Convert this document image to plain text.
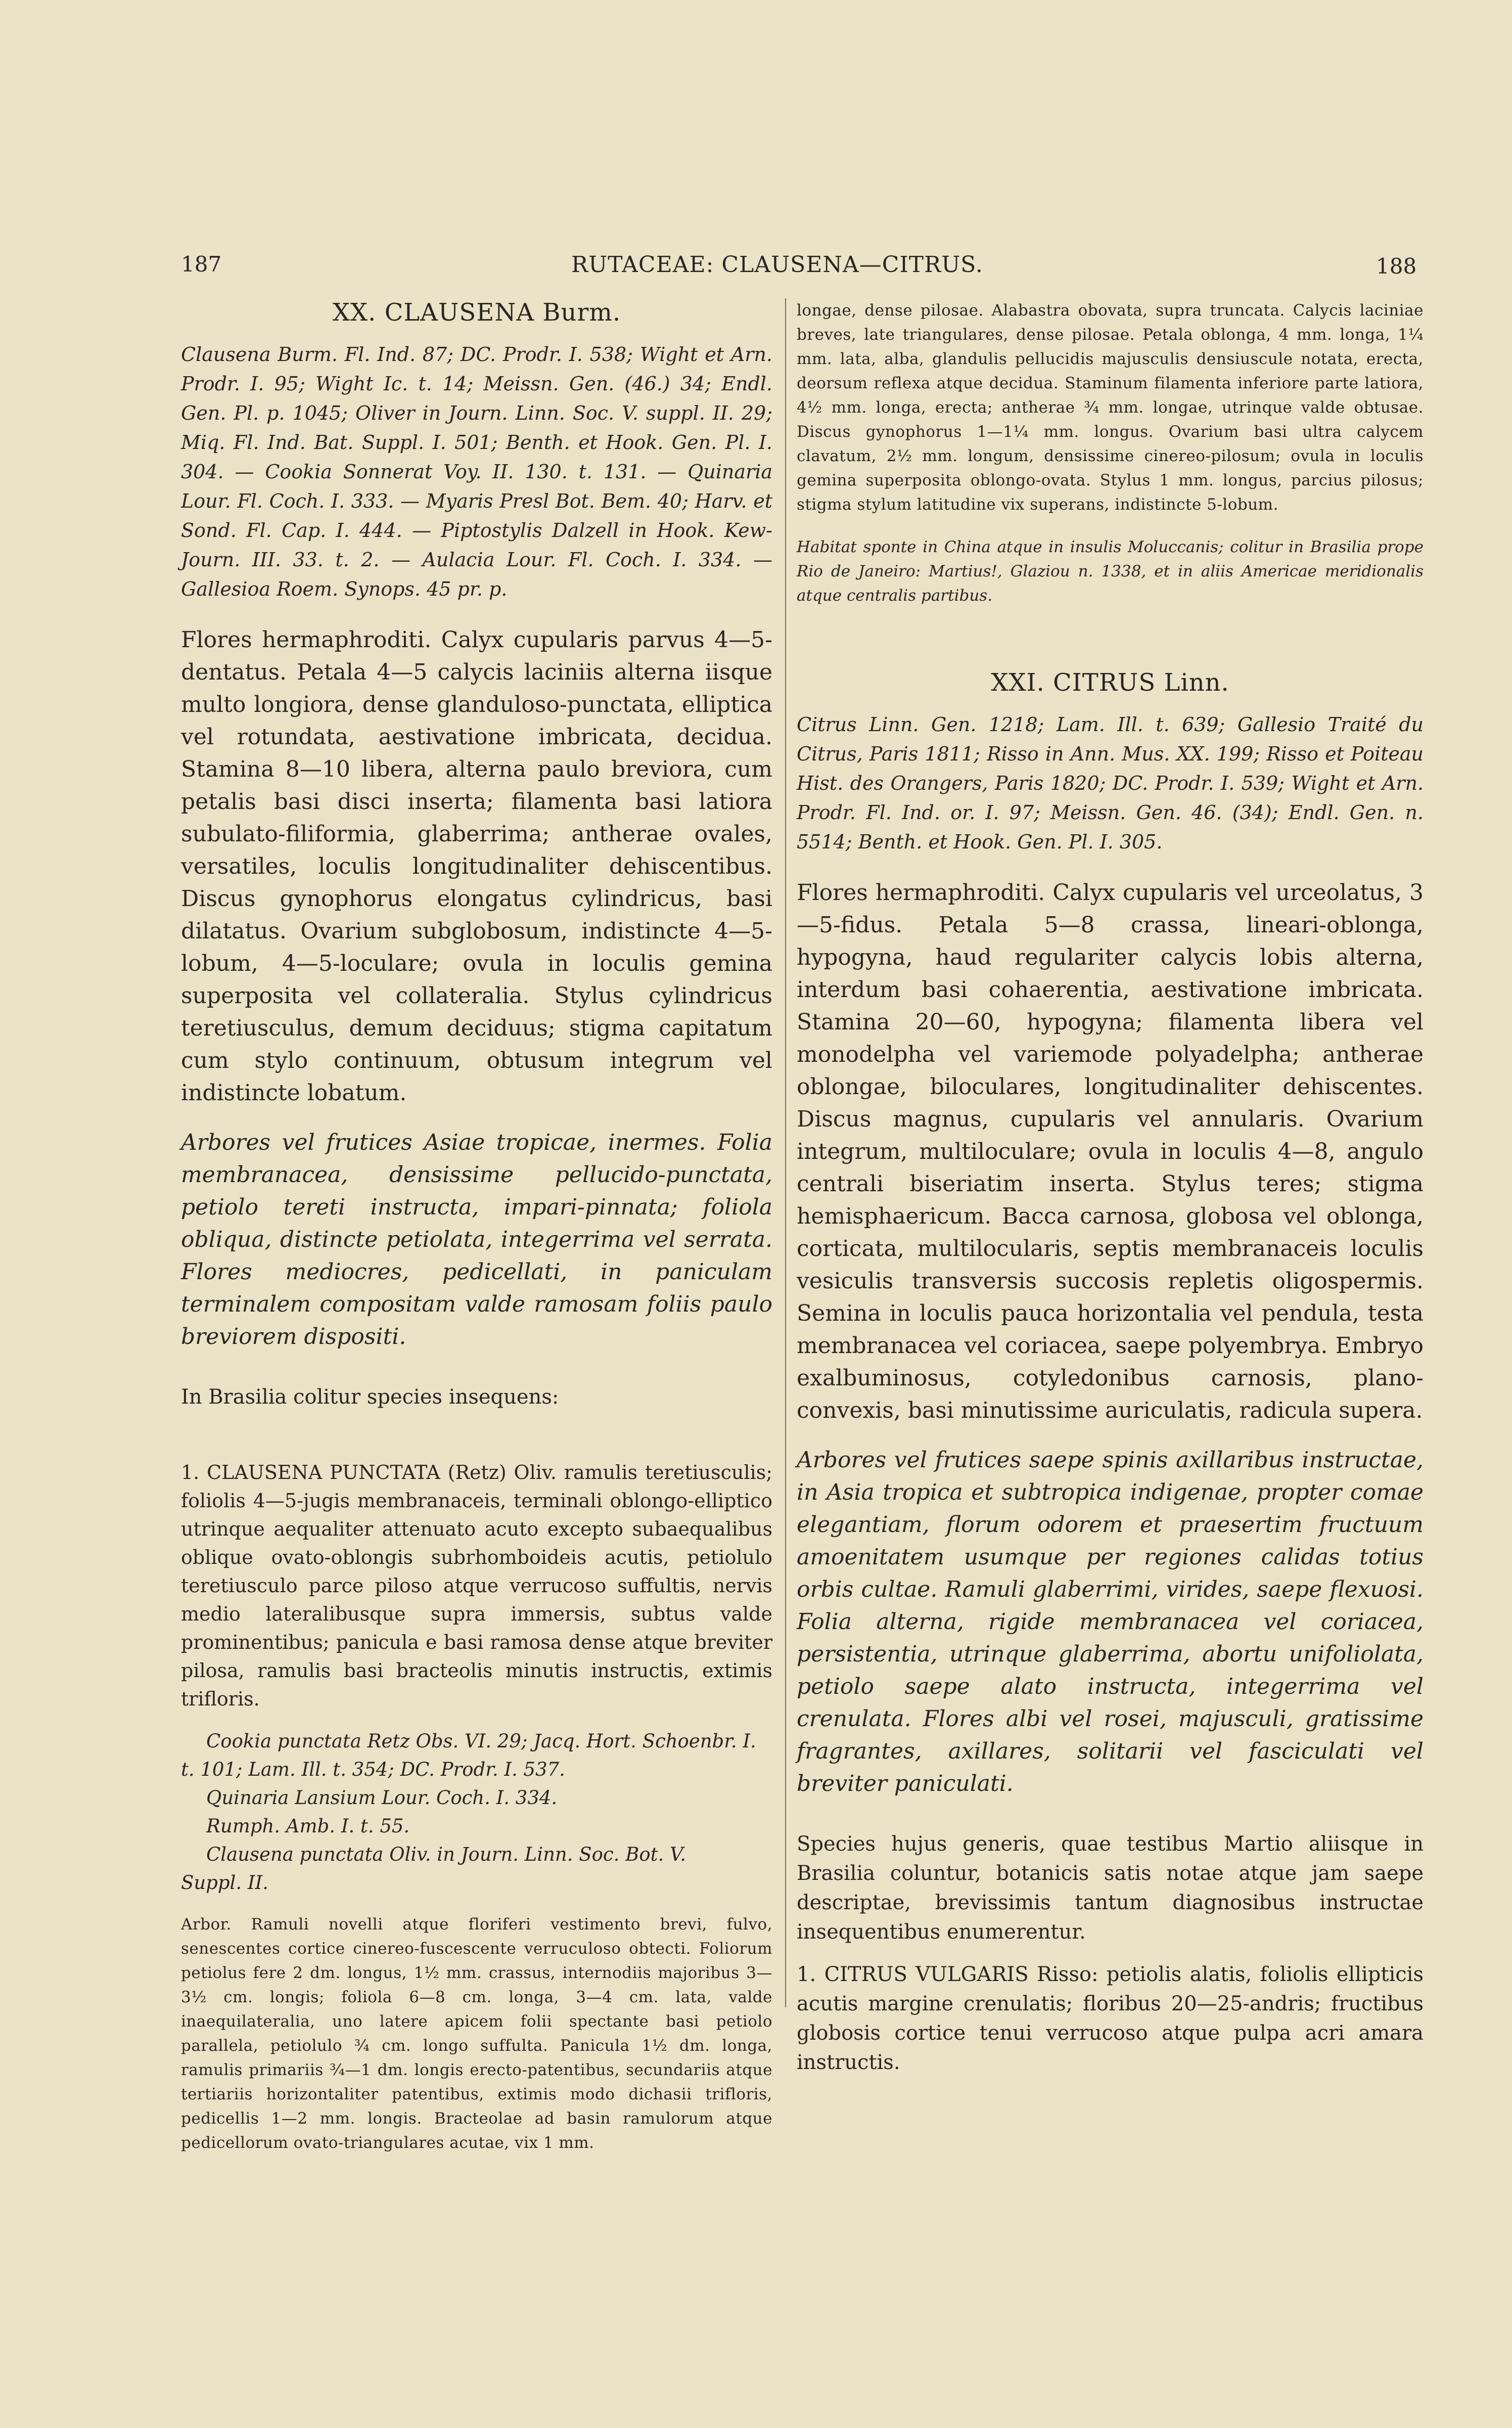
187	RUTACEAE: CLAUSENA—CITRUS.	188
XX. CLAUSENA Burm.

Clausena Burm. Fl. Ind. 87; DC. Prodr. I. 538; Wight et Arn. Prodr. I. 95; Wight Ic. t. 14; Meissn. Gen. (46.) 34; Endl. Gen. Pl. p. 1045; Oliver in Journ. Linn. Soc. V. suppl. II. 29; Miq. Fl. Ind. Bat. Suppl. I. 501; Benth. et Hook. Gen. Pl. I. 304. — Cookia Sonnerat Voy. II. 130. t. 131. — Quinaria Lour. Fl. Coch. I. 333. — Myaris Presl Bot. Bem. 40; Harv. et Sond. Fl. Cap. I. 444. — Piptostylis Dalzell in Hook. Kew-Journ. III. 33. t. 2. — Aulacia Lour. Fl. Coch. I. 334. — Gallesioa Roem. Synops. 45 pr. p.

Flores hermaphroditi. Calyx cupularis parvus 4—5-dentatus. Petala 4—5 calycis laciniis alterna iisque multo longiora, dense glanduloso-punctata, elliptica vel rotundata, aestivatione imbricata, decidua. Stamina 8—10 libera, alterna paulo breviora, cum petalis basi disci inserta; filamenta basi latiora subulato-filiformia, glaberrima; antherae ovales, versatiles, loculis longitudinaliter dehiscentibus. Discus gynophorus elongatus cylindricus, basi dilatatus. Ovarium subglobosum, indistincte 4—5-lobum, 4—5-loculare; ovula in loculis gemina superposita vel collateralia. Stylus cylindricus teretiusculus, demum deciduus; stigma capitatum cum stylo continuum, obtusum integrum vel indistincte lobatum.

Arbores vel frutices Asiae tropicae, inermes. Folia membranacea, densissime pellucido-punctata, petiolo tereti instructa, impari-pinnata; foliola obliqua, distincte petiolata, integerrima vel serrata. Flores mediocres, pedicellati, in paniculam terminalem compositam valde ramosam foliis paulo breviorem dispositi.

In Brasilia colitur species insequens:

1. CLAUSENA PUNCTATA (Retz) Oliv. ramulis teretiusculis; foliolis 4—5-jugis membranaceis, terminali oblongo-elliptico utrinque aequaliter attenuato acuto excepto subaequalibus oblique ovato-oblongis subrhomboideis acutis, petiolulo teretiusculo parce piloso atque verrucoso suffultis, nervis medio lateralibusque supra immersis, subtus valde prominentibus; panicula e basi ramosa dense atque breviter pilosa, ramulis basi bracteolis minutis instructis, extimis trifloris.

Cookia punctata Retz Obs. VI. 29; Jacq. Hort. Schoenbr. I.
t. 101; Lam. Ill. t. 354; DC. Prodr. I. 537.
Quinaria Lansium Lour. Coch. I. 334.
Rumph. Amb. I. t. 55.
Clausena punctata Oliv. in Journ. Linn. Soc. Bot. V.
Suppl. II.

Arbor. Ramuli novelli atque floriferi vestimento brevi, fulvo, senescentes cortice cinereo-fuscescente verruculoso obtecti. Foliorum petiolus fere 2 dm. longus, 1½ mm. crassus, internodiis majoribus 3—3½ cm. longis; foliola 6—8 cm. longa, 3—4 cm. lata, valde inaequilateralia, uno latere apicem folii spectante basi petiolo parallela, petiolulo ¾ cm. longo suffulta. Panicula 1½ dm. longa, ramulis primariis ¾—1 dm. longis erecto-patentibus, secundariis atque tertiariis horizontaliter patentibus, extimis modo dichasii trifloris, pedicellis 1—2 mm. longis. Bracteolae ad basin ramulorum atque pedicellorum ovato-triangulares acutae, vix 1 mm.

longae, dense pilosae. Alabastra obovata, supra truncata. Calycis laciniae breves, late triangulares, dense pilosae. Petala oblonga, 4 mm. longa, 1¼ mm. lata, alba, glandulis pellucidis majusculis densiuscule notata, erecta, deorsum reflexa atque decidua. Staminum filamenta inferiore parte latiora, 4½ mm. longa, erecta; antherae ¾ mm. longae, utrinque valde obtusae. Discus gynophorus 1—1¼ mm. longus. Ovarium basi ultra calycem clavatum, 2½ mm. longum, densissime cinereo-pilosum; ovula in loculis gemina superposita oblongo-ovata. Stylus 1 mm. longus, parcius pilosus; stigma stylum latitudine vix superans, indistincte 5-lobum.

Habitat sponte in China atque in insulis Moluccanis; colitur in Brasilia prope Rio de Janeiro: Martius!, Glaziou n. 1338, et in aliis Americae meridionalis atque centralis partibus.

XXI. CITRUS Linn.

Citrus Linn. Gen. 1218; Lam. Ill. t. 639; Gallesio Traité du Citrus, Paris 1811; Risso in Ann. Mus. XX. 199; Risso et Poiteau Hist. des Orangers, Paris 1820; DC. Prodr. I. 539; Wight et Arn. Prodr. Fl. Ind. or. I. 97; Meissn. Gen. 46. (34); Endl. Gen. n. 5514; Benth. et Hook. Gen. Pl. I. 305.

Flores hermaphroditi. Calyx cupularis vel urceolatus, 3—5-fidus. Petala 5—8 crassa, lineari-oblonga, hypogyna, haud regulariter calycis lobis alterna, interdum basi cohaerentia, aestivatione imbricata. Stamina 20—60, hypogyna; filamenta libera vel monodelpha vel variemode polyadelpha; antherae oblongae, biloculares, longitudinaliter dehiscentes. Discus magnus, cupularis vel annularis. Ovarium integrum, multiloculare; ovula in loculis 4—8, angulo centrali biseriatim inserta. Stylus teres; stigma hemisphaericum. Bacca carnosa, globosa vel oblonga, corticata, multilocularis, septis membranaceis loculis vesiculis transversis succosis repletis oligospermis. Semina in loculis pauca horizontalia vel pendula, testa membranacea vel coriacea, saepe polyembrya. Embryo exalbuminosus, cotyledonibus carnosis, plano-convexis, basi minutissime auriculatis, radicula supera.

Arbores vel frutices saepe spinis axillaribus instructae, in Asia tropica et subtropica indigenae, propter comae elegantiam, florum odorem et praesertim fructuum amoenitatem usumque per regiones calidas totius orbis cultae. Ramuli glaberrimi, virides, saepe flexuosi. Folia alterna, rigide membranacea vel coriacea, persistentia, utrinque glaberrima, abortu unifoliolata, petiolo saepe alato instructa, integerrima vel crenulata. Flores albi vel rosei, majusculi, gratissime fragrantes, axillares, solitarii vel fasciculati vel breviter paniculati.

Species hujus generis, quae testibus Martio aliisque in Brasilia coluntur, botanicis satis notae atque jam saepe descriptae, brevissimis tantum diagnosibus instructae insequentibus enumerentur.

1. CITRUS VULGARIS Risso: petiolis alatis, foliolis ellipticis acutis margine crenulatis; floribus 20—25-andris; fructibus globosis cortice tenui verrucoso atque pulpa acri amara instructis.
